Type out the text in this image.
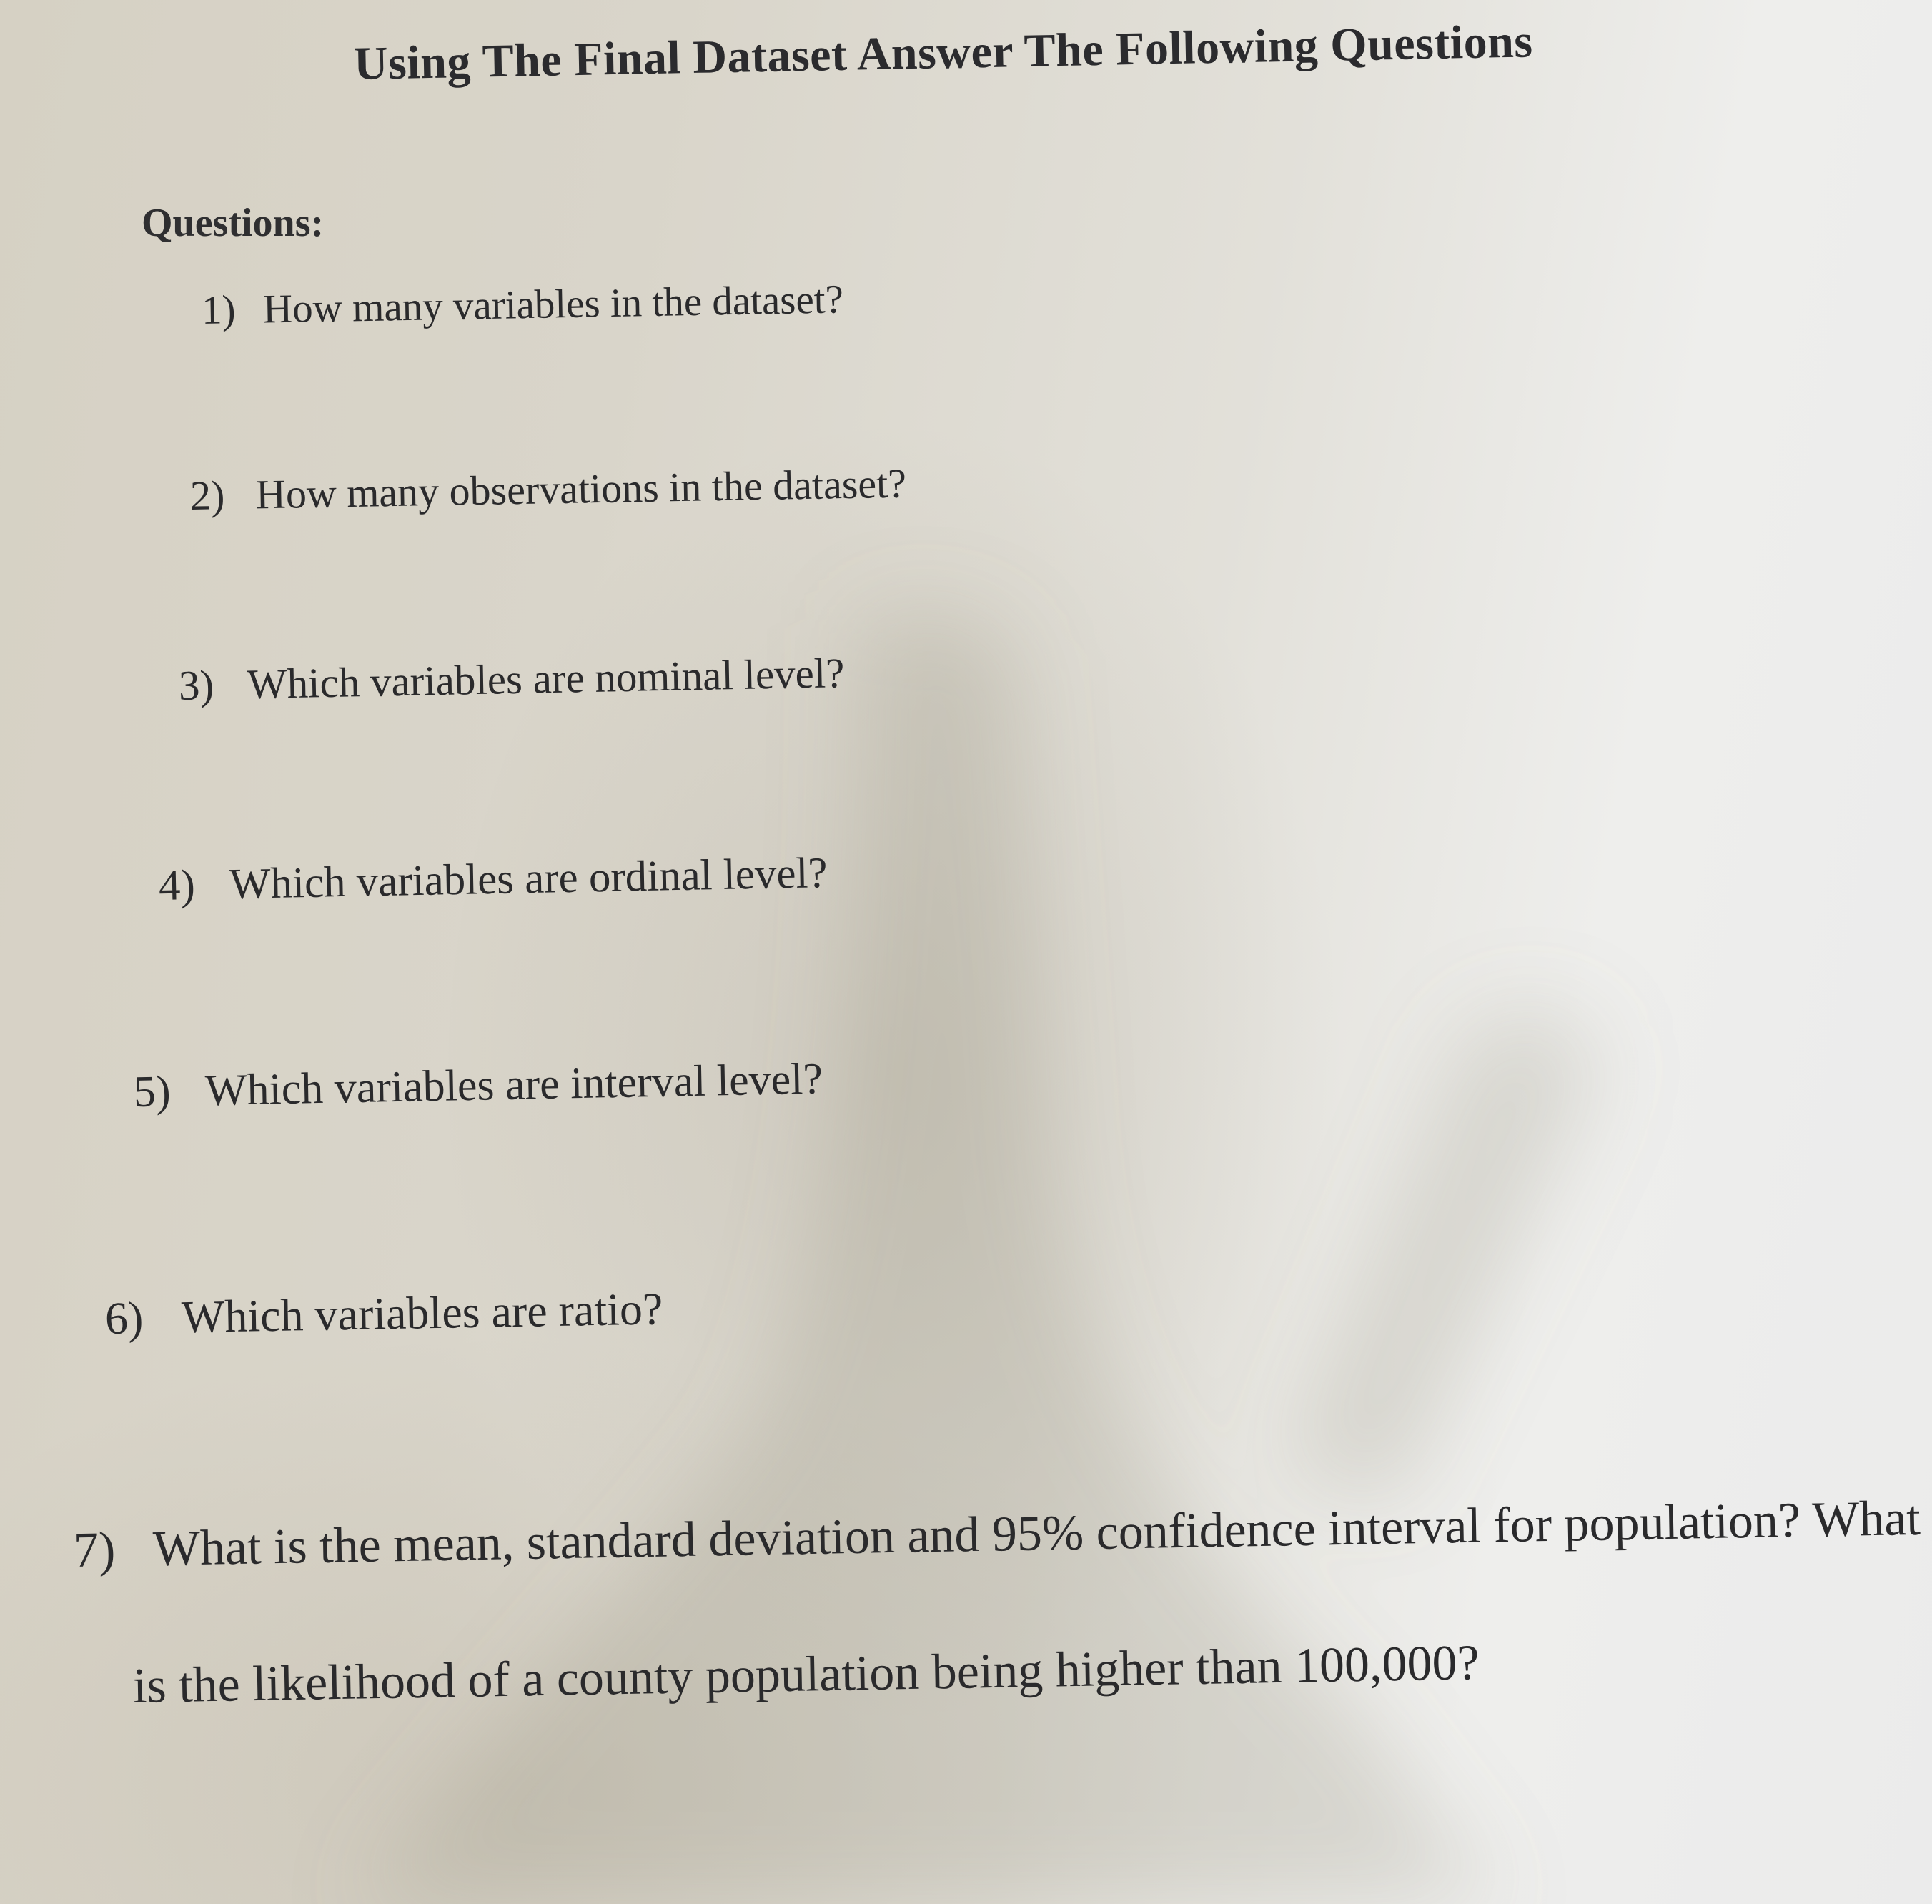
Using The Final Dataset Answer The Following Questions
Questions:
1) How many variables in the dataset?
2) How many observations in the dataset?
3) Which variables are nominal level?
4) Which variables are ordinal level?
5) Which variables are interval level?
6) Which variables are ratio?
7) What is the mean, standard deviation and 95% confidence interval for population? What
is the likelihood of a county population being higher than 100,000?
